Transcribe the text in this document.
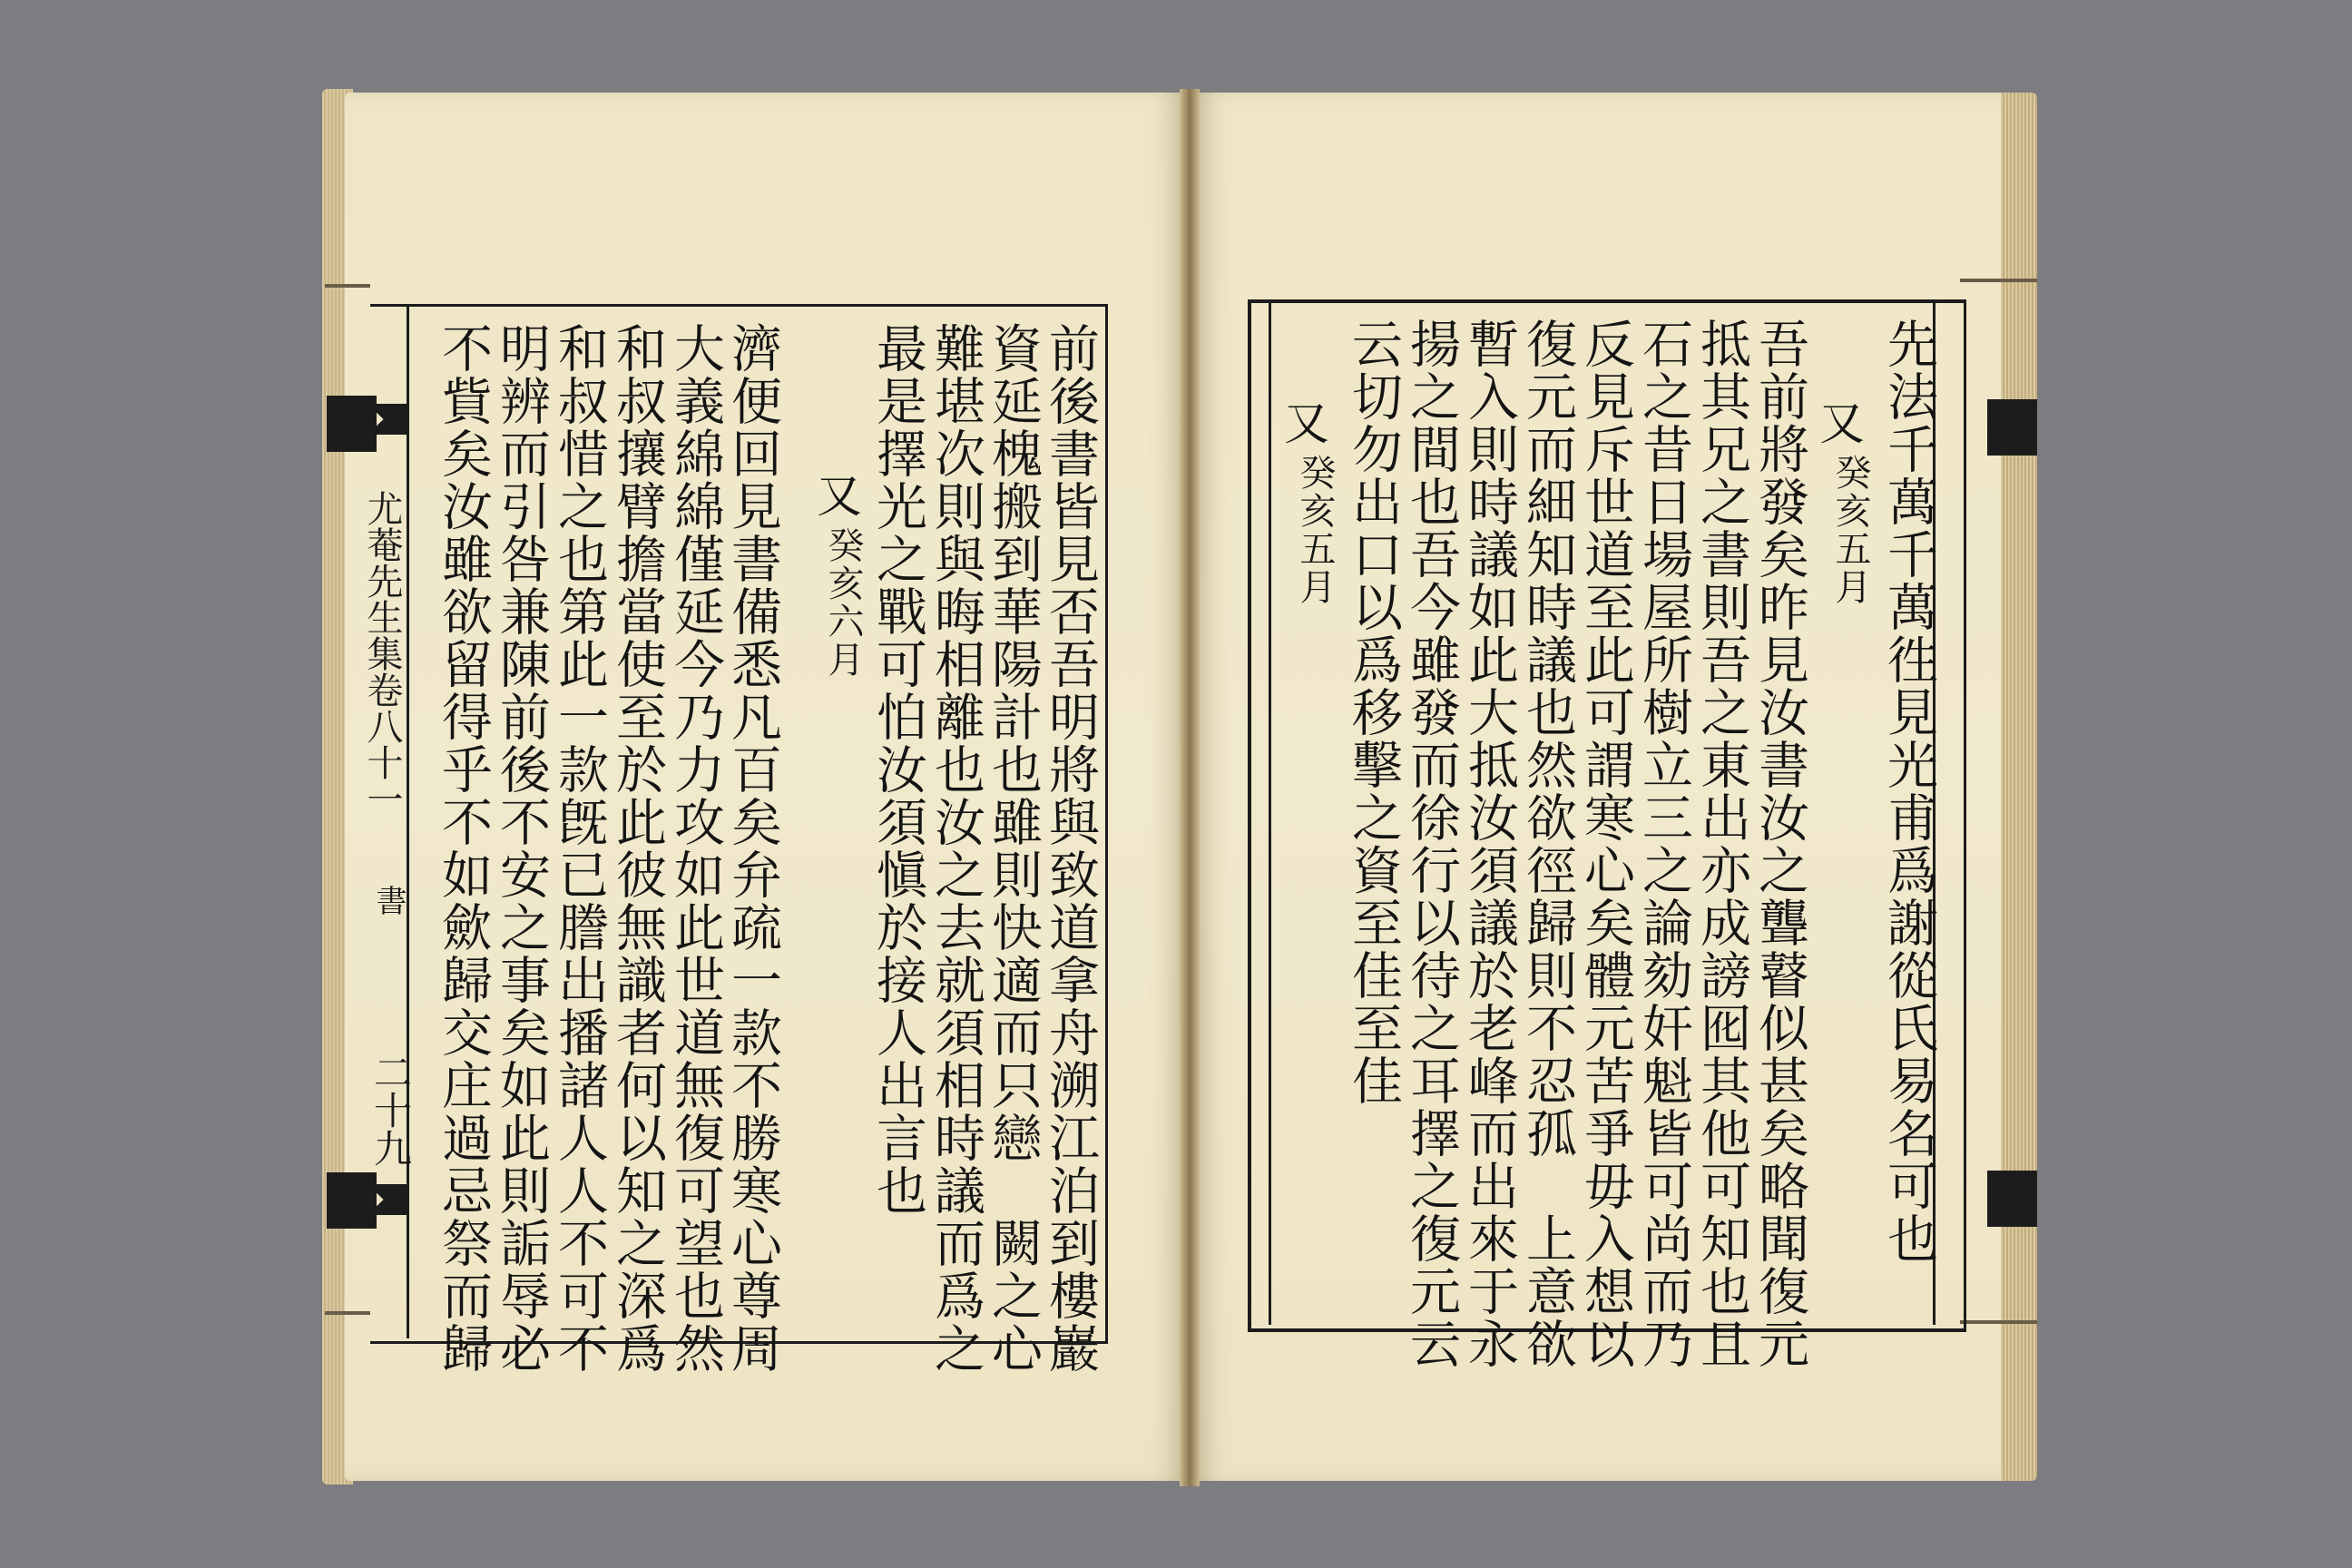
尤菴先生集卷八十一
書
二十九	前後書皆見否吾明將與致道拿舟溯江泊到樓巖
資延槐搬到華陽計也雖則快適而只戀　闕之心
難堪次則與晦相離也汝之去就須相時議而爲之
最是擇光之戰可怕汝須愼於接人出言也
又
癸亥六月
濟便回見書備悉凡百矣弁疏一款不勝寒心尊周
大義綿綿僅延今乃力攻如此世道無復可望也然
和叔攘臂擔當使至於此彼無識者何以知之深爲
和叔惜之也第此一款旣已謄出播諸人人不可不
明辨而引咎兼陳前後不安之事矣如此則詬辱必
不貲矣汝雖欲留得乎不如歛歸交庄過忌祭而歸	先法千萬千萬徃見光甫爲謝從氏易名可也
又
癸亥五月
吾前將發矣昨見汝書汝之聾瞽似甚矣略聞復元
抵其兄之書則吾之東出亦成謗囮其他可知也且
石之昔日場屋所樹立三之論劾奸魁皆可尚而乃
反見斥世道至此可謂寒心矣體元苦爭毋入想以
復元而細知時議也然欲徑歸則不忍孤　上意欲
暫入則時議如此大抵汝須議於老峰而出來于永
揚之間也吾今雖發而徐行以待之耳擇之復元云
云切勿出口以爲移擊之資至佳至佳
又
癸亥五月
